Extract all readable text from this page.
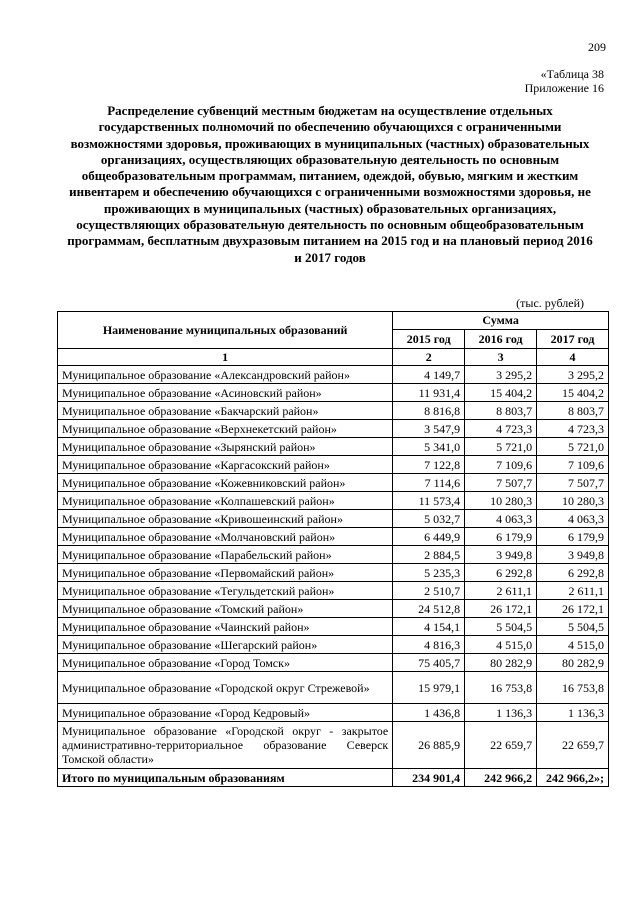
209
«Таблица 38
Приложение 16
Распределение субвенций местным бюджетам на осуществление отдельных государственных полномочий по обеспечению обучающихся с ограниченными возможностями здоровья, проживающих в муниципальных (частных) образовательных организациях, осуществляющих образовательную деятельность по основным общеобразовательным программам, питанием, одеждой, обувью, мягким и жестким инвентарем и обеспечению обучающихся с ограниченными возможностями здоровья, не проживающих в муниципальных (частных) образовательных организациях, осуществляющих образовательную деятельность по основным общеобразовательным программам, бесплатным двухразовым питанием на 2015 год и на плановый период 2016 и 2017 годов
(тыс. рублей)
Наименование муниципальных образований	Сумма		
	2015 год	2016 год	2017 год
1	2	3	4
Муниципальное образование «Александровский район»	4 149,7	3 295,2	3 295,2
Муниципальное образование «Асиновский район»	11 931,4	15 404,2	15 404,2
Муниципальное образование «Бакчарский район»	8 816,8	8 803,7	8 803,7
Муниципальное образование «Верхнекетский район»	3 547,9	4 723,3	4 723,3
Муниципальное образование «Зырянский район»	5 341,0	5 721,0	5 721,0
Муниципальное образование «Каргасокский район»	7 122,8	7 109,6	7 109,6
Муниципальное образование «Кожевниковский район»	7 114,6	7 507,7	7 507,7
Муниципальное образование «Колпашевский район»	11 573,4	10 280,3	10 280,3
Муниципальное образование «Кривошеинский район»	5 032,7	4 063,3	4 063,3
Муниципальное образование «Молчановский район»	6 449,9	6 179,9	6 179,9
Муниципальное образование «Парабельский район»	2 884,5	3 949,8	3 949,8
Муниципальное образование «Первомайский район»	5 235,3	6 292,8	6 292,8
Муниципальное образование «Тегульдетский район»	2 510,7	2 611,1	2 611,1
Муниципальное образование «Томский район»	24 512,8	26 172,1	26 172,1
Муниципальное образование «Чаинский район»	4 154,1	5 504,5	5 504,5
Муниципальное образование «Шегарский район»	4 816,3	4 515,0	4 515,0
Муниципальное образование «Город Томск»	75 405,7	80 282,9	80 282,9
Муниципальное образование «Городской округ Стрежевой»	15 979,1	16 753,8	16 753,8
Муниципальное образование «Город Кедровый»	1 436,8	1 136,3	1 136,3
Муниципальное образование «Городской округ - закрытое административно-территориальное образование Северск Томской области»	26 885,9	22 659,7	22 659,7
Итого по муниципальным образованиям	234 901,4	242 966,2	242 966,2»;
